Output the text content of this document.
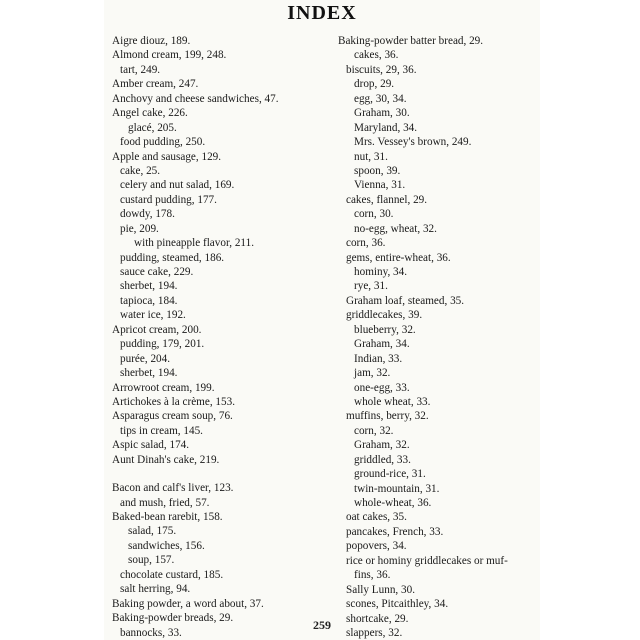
INDEX
Aigre diouz, 189.
Almond cream, 199, 248.
tart, 249.
Amber cream, 247.
Anchovy and cheese sandwiches, 47.
Angel cake, 226.
glacé, 205.
food pudding, 250.
Apple and sausage, 129.
cake, 25.
celery and nut salad, 169.
custard pudding, 177.
dowdy, 178.
pie, 209.
with pineapple flavor, 211.
pudding, steamed, 186.
sauce cake, 229.
sherbet, 194.
tapioca, 184.
water ice, 192.
Apricot cream, 200.
pudding, 179, 201.
purée, 204.
sherbet, 194.
Arrowroot cream, 199.
Artichokes à la crème, 153.
Asparagus cream soup, 76.
tips in cream, 145.
Aspic salad, 174.
Aunt Dinah's cake, 219.
Bacon and calf's liver, 123.
and mush, fried, 57.
Baked-bean rarebit, 158.
salad, 175.
sandwiches, 156.
soup, 157.
chocolate custard, 185.
salt herring, 94.
Baking powder, a word about, 37.
Baking-powder breads, 29.
bannocks, 33.
Baking-powder batter bread, 29.
cakes, 36.
biscuits, 29, 36.
drop, 29.
egg, 30, 34.
Graham, 30.
Maryland, 34.
Mrs. Vessey's brown, 249.
nut, 31.
spoon, 39.
Vienna, 31.
cakes, flannel, 29.
corn, 30.
no-egg, wheat, 32.
corn, 36.
gems, entire-wheat, 36.
hominy, 34.
rye, 31.
Graham loaf, steamed, 35.
griddlecakes, 39.
blueberry, 32.
Graham, 34.
Indian, 33.
jam, 32.
one-egg, 33.
whole wheat, 33.
muffins, berry, 32.
corn, 32.
Graham, 32.
griddled, 33.
ground-rice, 31.
twin-mountain, 31.
whole-wheat, 36.
oat cakes, 35.
pancakes, French, 33.
popovers, 34.
rice or hominy griddlecakes or muf-
fins, 36.
Sally Lunn, 30.
scones, Pitcaithley, 34.
shortcake, 29.
slappers, 32.
259
